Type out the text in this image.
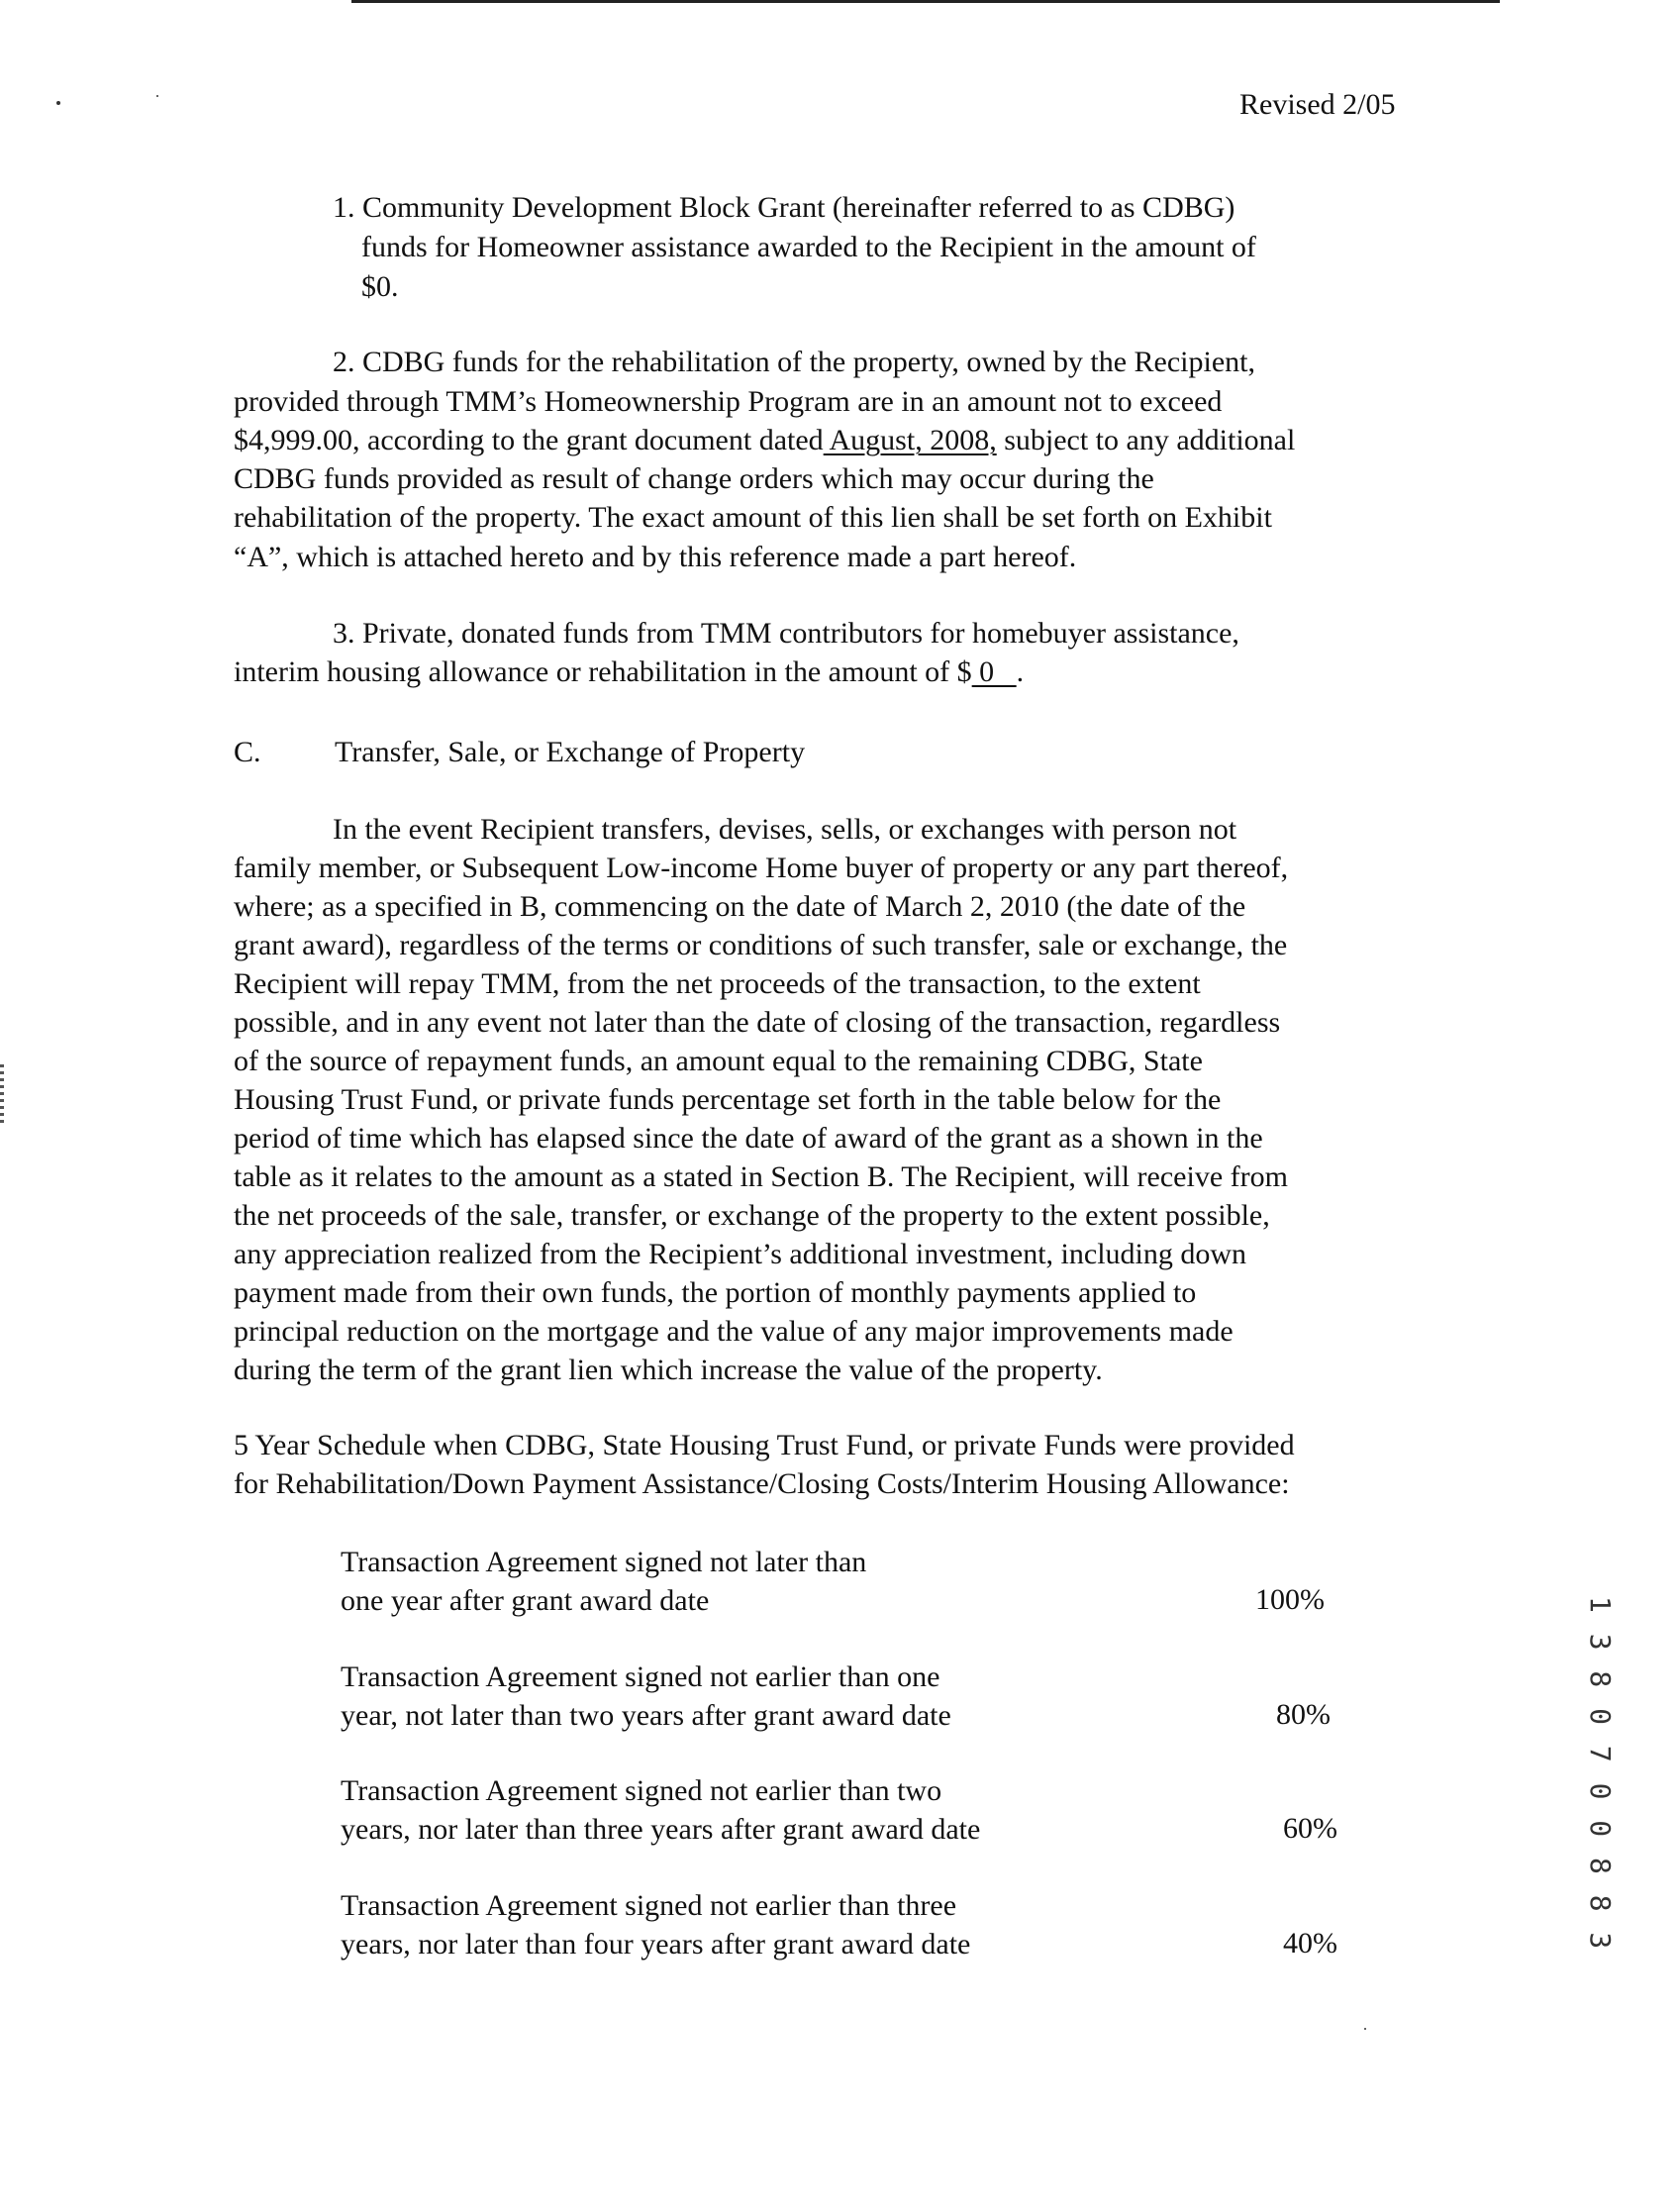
Revised 2/05
1. Community Development Block Grant (hereinafter referred to as CDBG)
funds for Homeowner assistance awarded to the Recipient in the amount of
$0.
2. CDBG funds for the rehabilitation of the property, owned by the Recipient,
provided through TMM’s Homeownership Program are in an amount not to exceed
$4,999.00, according to the grant document dated August, 2008, subject to any additional
CDBG funds provided as result of change orders which may occur during the
rehabilitation of the property. The exact amount of this lien shall be set forth on Exhibit
“A”, which is attached hereto and by this reference made a part hereof.
3. Private, donated funds from TMM contributors for homebuyer assistance,
interim housing allowance or rehabilitation in the amount of $ 0   .
C. Transfer, Sale, or Exchange of Property
In the event Recipient transfers, devises, sells, or exchanges with person not
family member, or Subsequent Low-income Home buyer of property or any part thereof,
where; as a specified in B, commencing on the date of March 2, 2010 (the date of the
grant award), regardless of the terms or conditions of such transfer, sale or exchange, the
Recipient will repay TMM, from the net proceeds of the transaction, to the extent
possible, and in any event not later than the date of closing of the transaction, regardless
of the source of repayment funds, an amount equal to the remaining CDBG, State
Housing Trust Fund, or private funds percentage set forth in the table below for the
period of time which has elapsed since the date of award of the grant as a shown in the
table as it relates to the amount as a stated in Section B. The Recipient, will receive from
the net proceeds of the sale, transfer, or exchange of the property to the extent possible,
any appreciation realized from the Recipient’s additional investment, including down
payment made from their own funds, the portion of monthly payments applied to
principal reduction on the mortgage and the value of any major improvements made
during the term of the grant lien which increase the value of the property.
5 Year Schedule when CDBG, State Housing Trust Fund, or private Funds were provided
for Rehabilitation/Down Payment Assistance/Closing Costs/Interim Housing Allowance:
Transaction Agreement signed not later than
one year after grant award date	100%
Transaction Agreement signed not earlier than one
year, not later than two years after grant award date	80%
Transaction Agreement signed not earlier than two
years, nor later than three years after grant award date	60%
Transaction Agreement signed not earlier than three
years, nor later than four years after grant award date	40%	1 3 8 0 7 0 0 8 8 3
